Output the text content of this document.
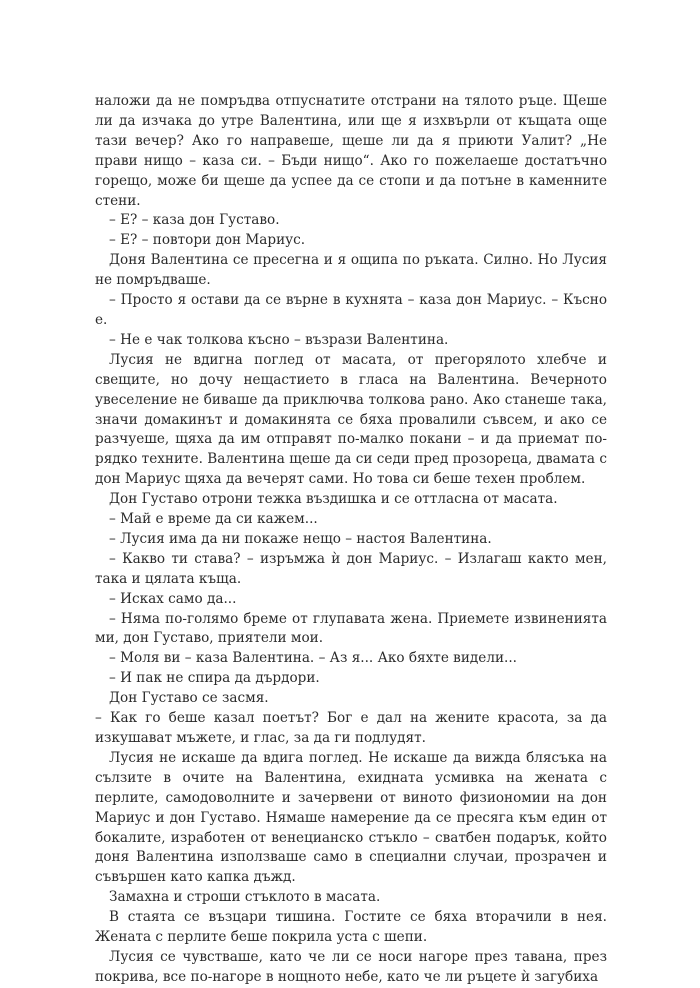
наложи да не помръдва отпуснатите отстрани на тялото ръце. Щеше ли да изчака до утре Валентина, или ще я изхвърли от къщата още тази вечер? Ако го направеше, щеше ли да я приюти Уалит? „Не прави нищо – каза си. – Бъди нищо“. Ако го пожелаеше достатъчно горещо, може би щеше да успее да се стопи и да потъне в каменните стени.

– Е? – каза дон Густаво.

– Е? – повтори дон Мариус.

Доня Валентина се пресегна и я ощипа по ръката. Силно. Но Лусия не помръдваше.

– Просто я остави да се върне в кухнята – каза дон Мариус. – Късно е.

– Не е чак толкова късно – възрази Валентина.

Лусия не вдигна поглед от масата, от прегорялото хлебче и свещите, но дочу нещастието в гласа на Валентина. Вечерното увеселение не биваше да приключва толкова рано. Ако станеше така, значи домакинът и домакинята се бяха провалили съвсем, и ако се разчуеше, щяха да им отправят по-малко покани – и да приемат по-рядко техните. Валентина щеше да си седи пред прозореца, двамата с дон Мариус щяха да вечерят сами. Но това си беше техен проблем.

Дон Густаво отрони тежка въздишка и се оттласна от масата.

– Май е време да си кажем...

– Лусия има да ни покаже нещо – настоя Валентина.

– Какво ти става? – изръмжа ѝ дон Мариус. – Излагаш както мен, така и цялата къща.

– Исках само да...

– Няма по-голямо бреме от глупавата жена. Приемете извиненията ми, дон Густаво, приятели мои.

– Моля ви – каза Валентина. – Аз я... Ако бяхте видели...

– И пак не спира да дърдори.

Дон Густаво се засмя.

– Как го беше казал поетът? Бог е дал на жените красота, за да изкушават мъжете, и глас, за да ги подлудят.

Лусия не искаше да вдига поглед. Не искаше да вижда блясъка на сълзите в очите на Валентина, ехидната усмивка на жената с перлите, самодоволните и зачервени от виното физиономии на дон Мариус и дон Густаво. Нямаше намерение да се пресяга към един от бокалите, изработен от венецианско стъкло – сватбен подарък, който доня Валентина използваше само в специални случаи, прозрачен и съвършен като капка дъжд.

Замахна и строши стъклото в масата.

В стаята се възцари тишина. Гостите се бяха вторачили в нея. Жената с перлите беше покрила уста с шепи.

Лусия се чувстваше, като че ли се носи нагоре през тавана, през покрива, все по-нагоре в нощното небе, като че ли ръцете ѝ загубиха
